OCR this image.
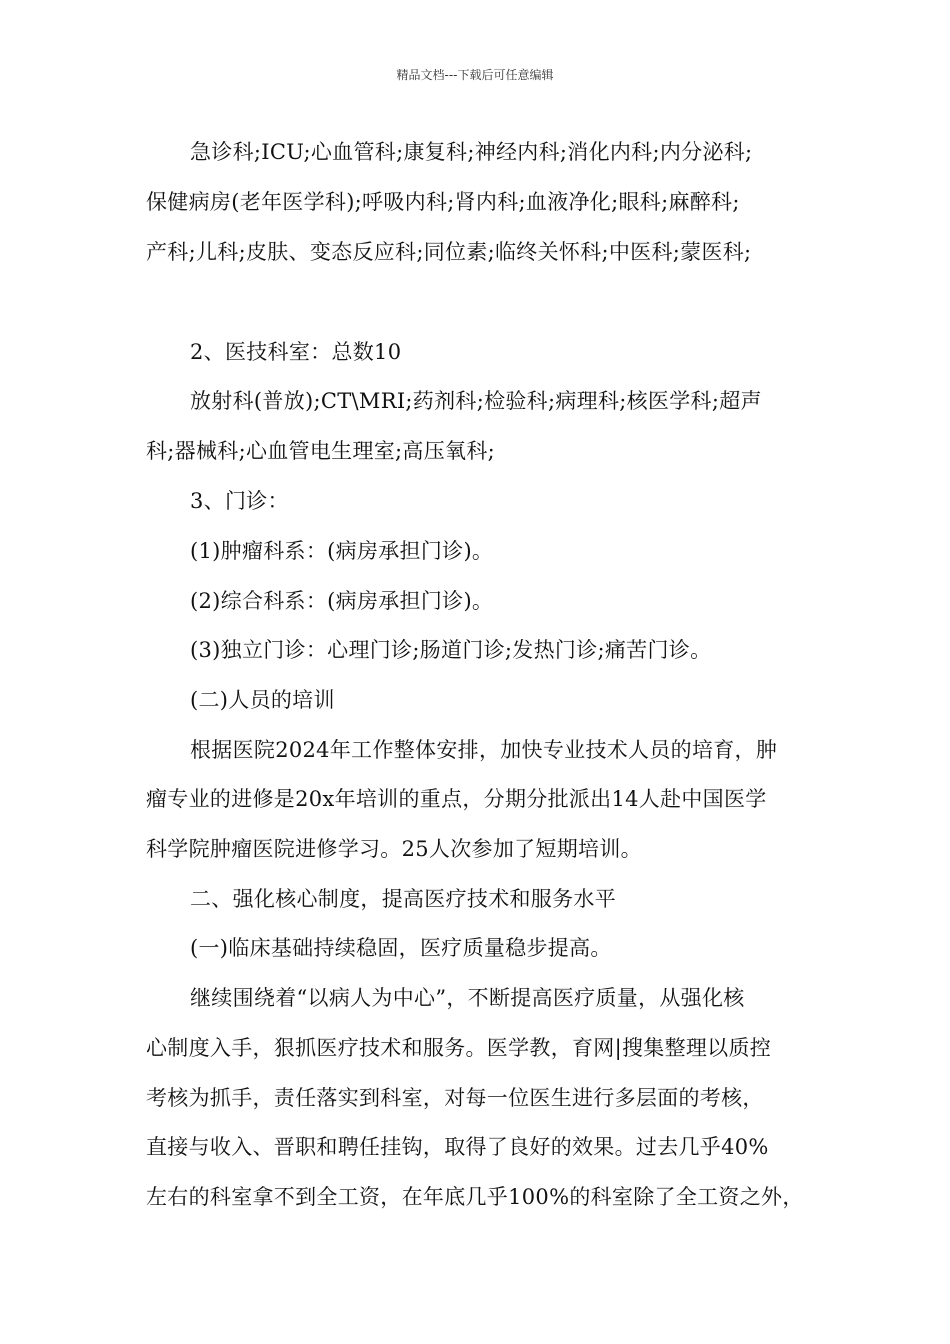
精品文档---下载后可任意编辑
急诊科;ICU;心血管科;康复科;神经内科;消化内科;内分泌科;
保健病房(老年医学科);呼吸内科;肾内科;血液净化;眼科;麻醉科;
产科;儿科;皮肤、变态反应科;同位素;临终关怀科;中医科;蒙医科;
2、医技科室：总数10
放射科(普放);CT\MRI;药剂科;检验科;病理科;核医学科;超声
科;器械科;心血管电生理室;高压氧科;
3、门诊：
(1)肿瘤科系：(病房承担门诊)。
(2)综合科系：(病房承担门诊)。
(3)独立门诊：心理门诊;肠道门诊;发热门诊;痛苦门诊。
(二)人员的培训
根据医院2024年工作整体安排，加快专业技术人员的培育，肿
瘤专业的进修是20x年培训的重点，分期分批派出14人赴中国医学
科学院肿瘤医院进修学习。25人次参加了短期培训。
二、强化核心制度，提高医疗技术和服务水平
(一)临床基础持续稳固，医疗质量稳步提高。
继续围绕着“以病人为中心”，不断提高医疗质量，从强化核
心制度入手，狠抓医疗技术和服务。医学教，育网|搜集整理以质控
考核为抓手，责任落实到科室，对每一位医生进行多层面的考核，
直接与收入、晋职和聘任挂钩，取得了良好的效果。过去几乎40%
左右的科室拿不到全工资，在年底几乎100%的科室除了全工资之外，
